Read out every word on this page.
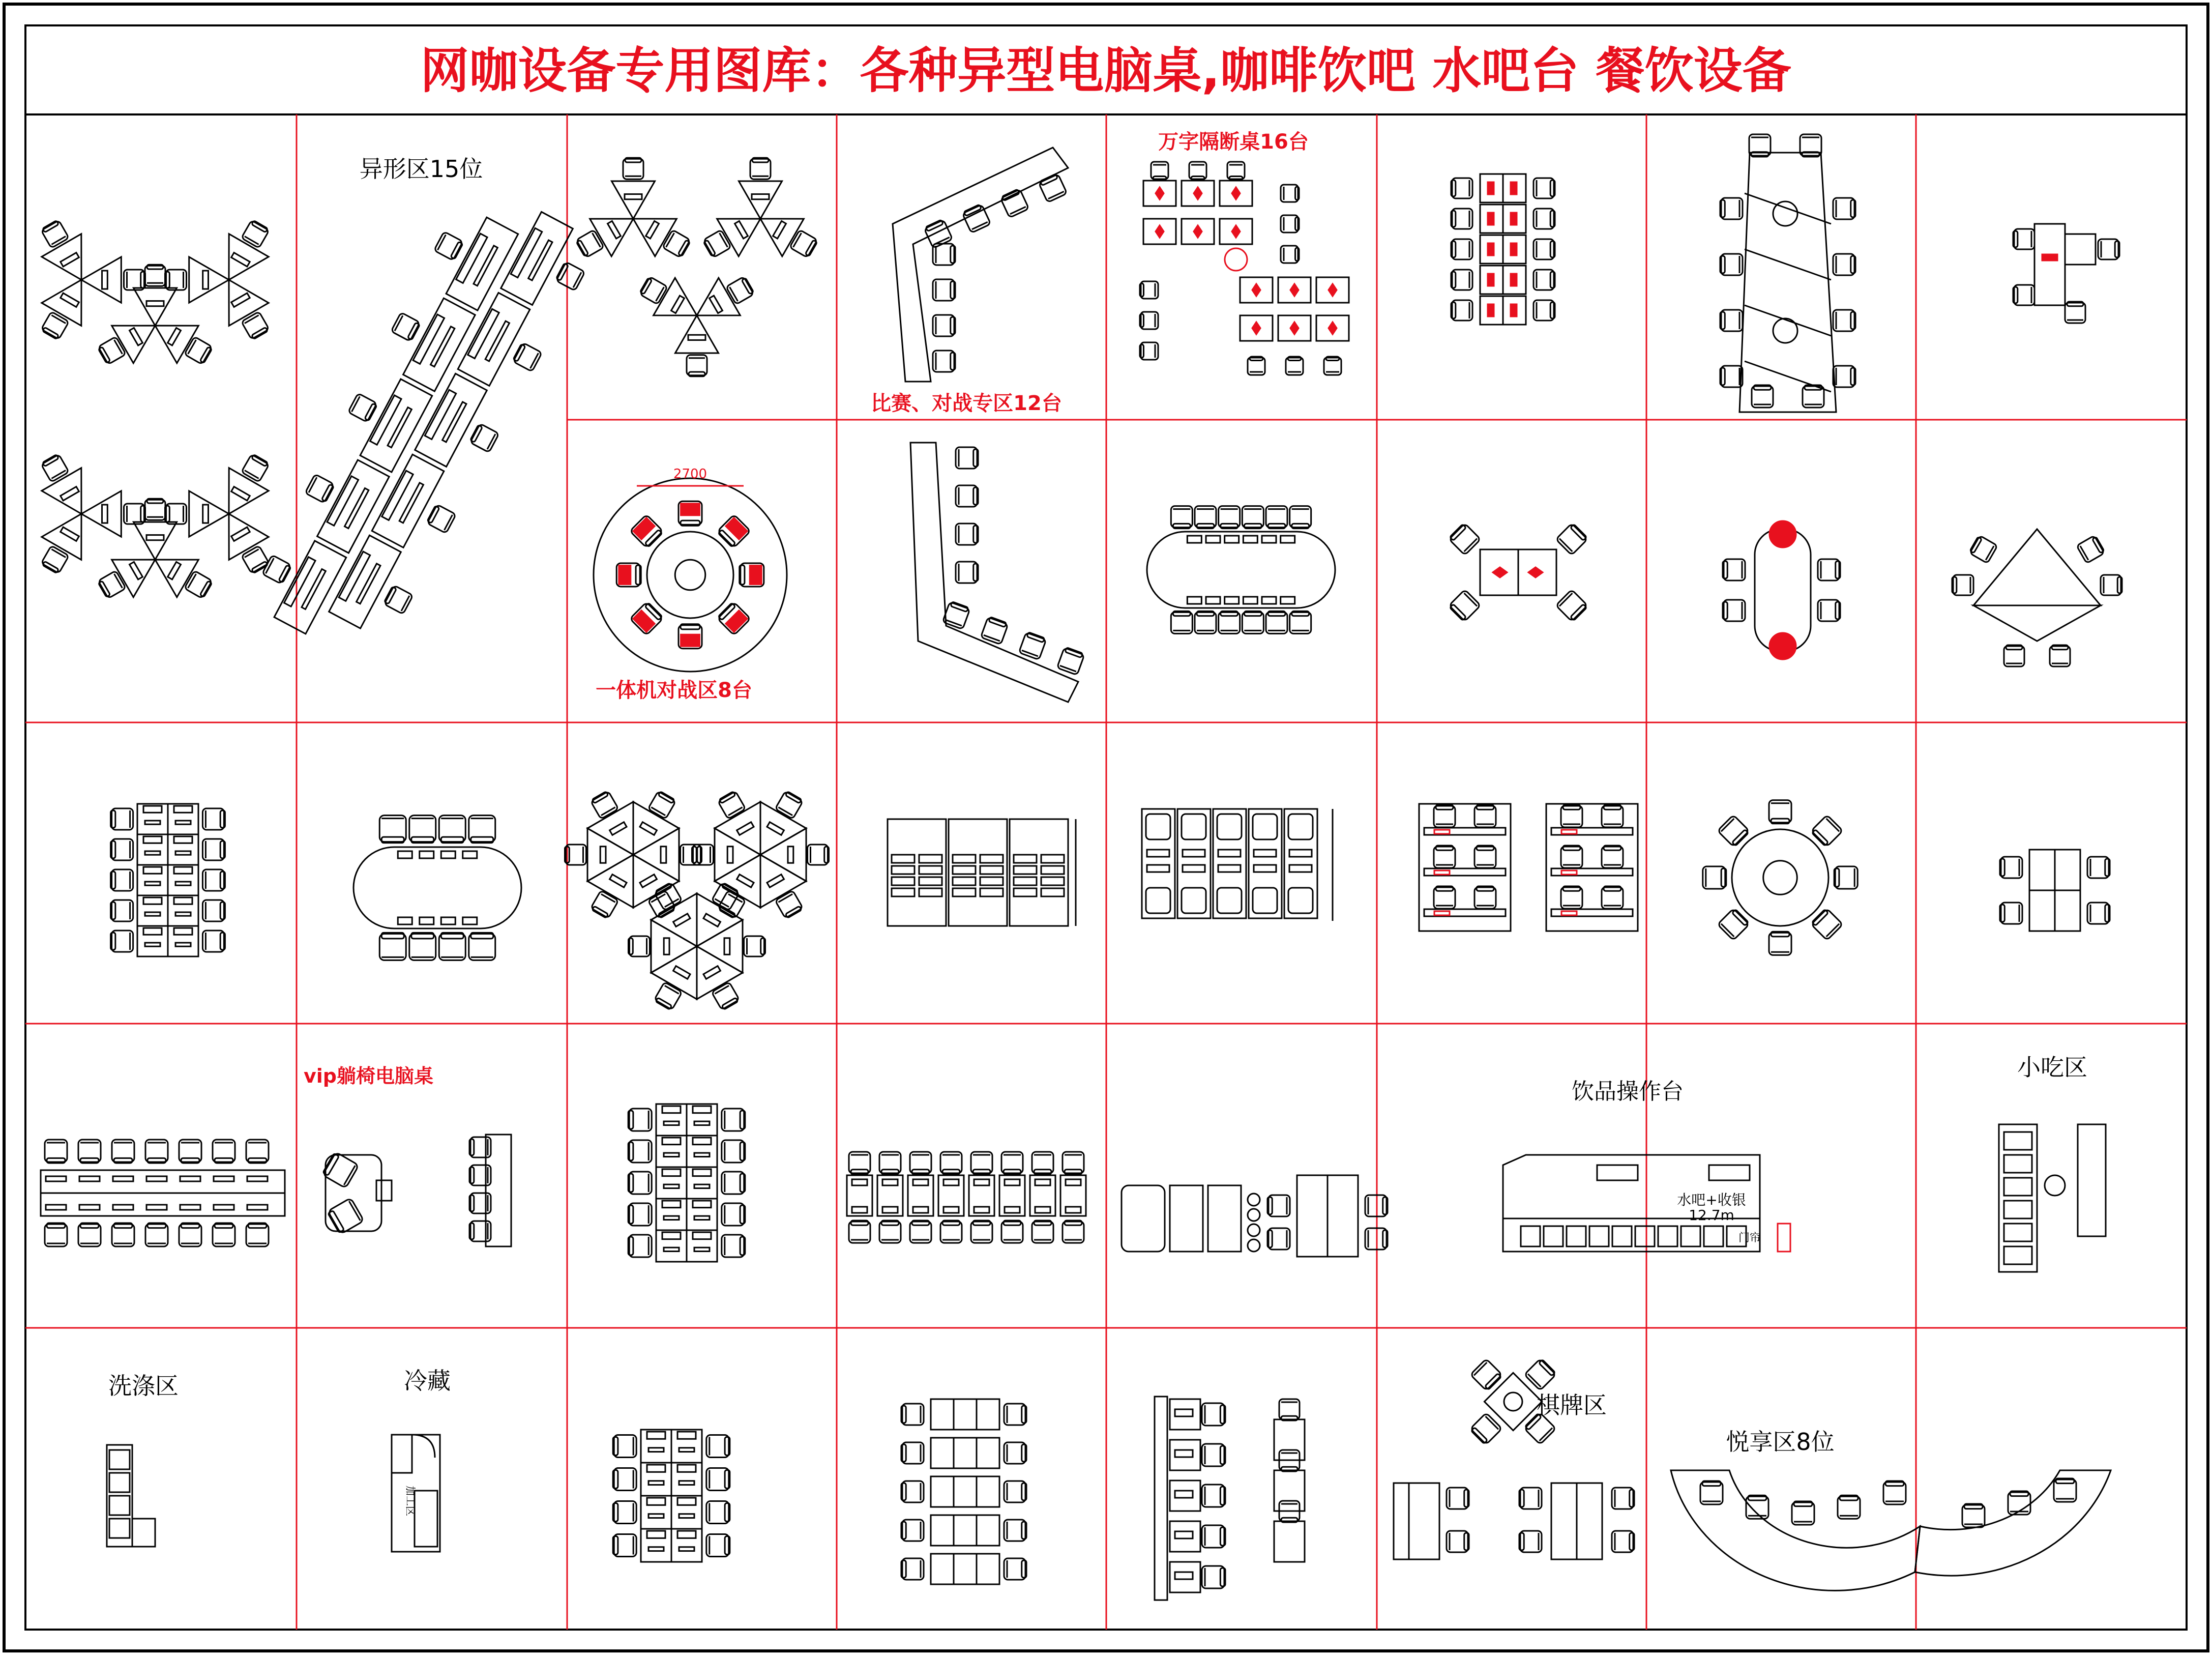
网咖设备专用图库：各种异型电脑桌,咖啡饮吧 水吧台 餐饮设备
异形区15位
比赛、对战专区12台
万字隔断桌16台
2700
一体机对战区8台
vip躺椅电脑桌
饮品操作台
水吧+收银
12.7m
门帘
小吃区
洗涤区	冷藏
加工区
棋牌区
悦享区8位
